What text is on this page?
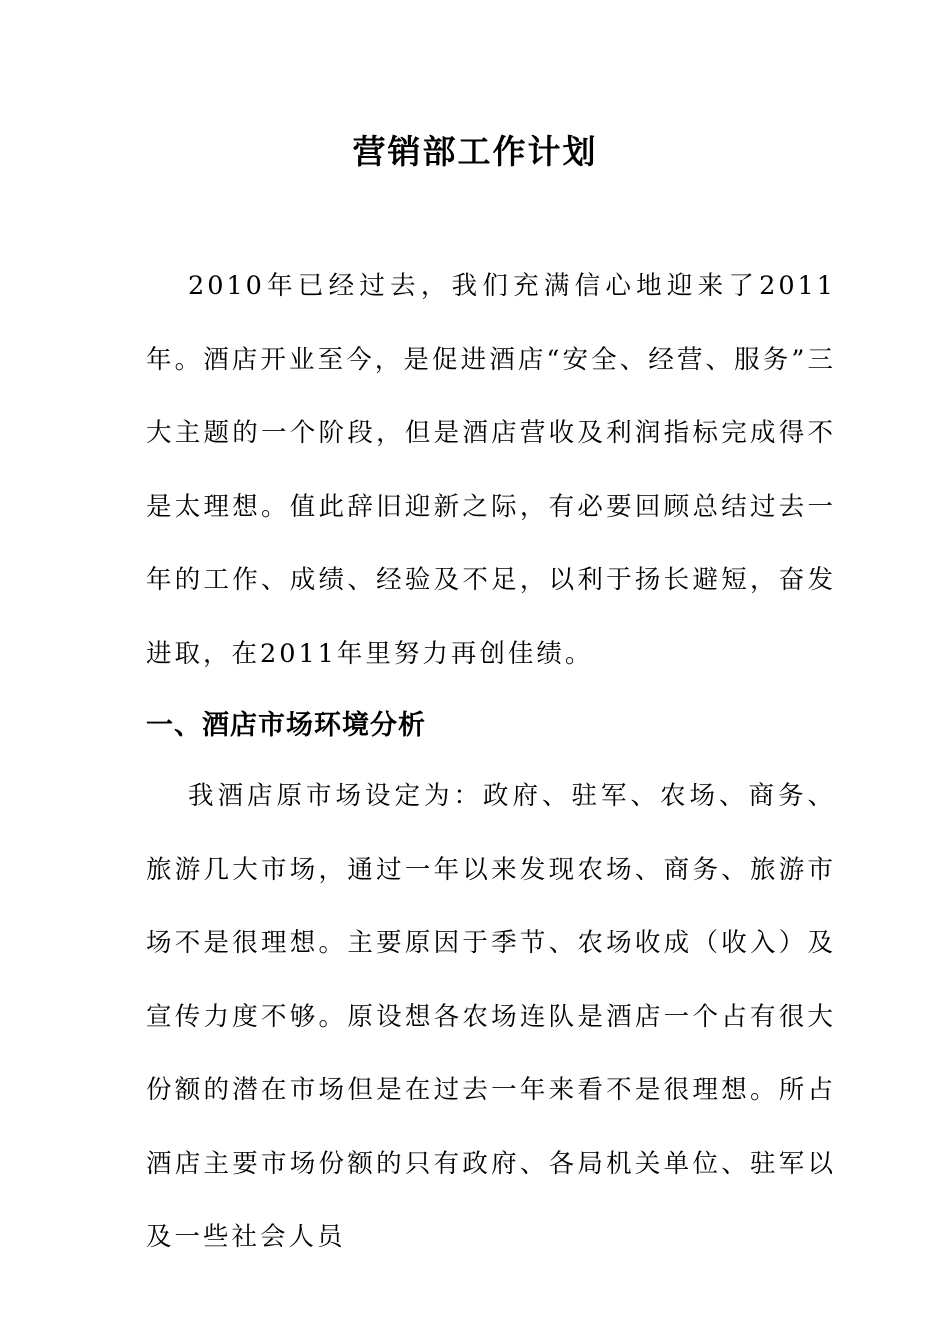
营销部工作计划

2010年已经过去，我们充满信心地迎来了2011年。酒店开业至今，是促进酒店“安全、经营、服务”三大主题的一个阶段，但是酒店营收及利润指标完成得不是太理想。值此辞旧迎新之际，有必要回顾总结过去一年的工作、成绩、经验及不足，以利于扬长避短，奋发进取，在2011年里努力再创佳绩。

一、酒店市场环境分析

我酒店原市场设定为：政府、驻军、农场、商务、旅游几大市场，通过一年以来发现农场、商务、旅游市场不是很理想。主要原因于季节、农场收成（收入）及宣传力度不够。原设想各农场连队是酒店一个占有很大份额的潜在市场但是在过去一年来看不是很理想。所占酒店主要市场份额的只有政府、各局机关单位、驻军以及一些社会人员
